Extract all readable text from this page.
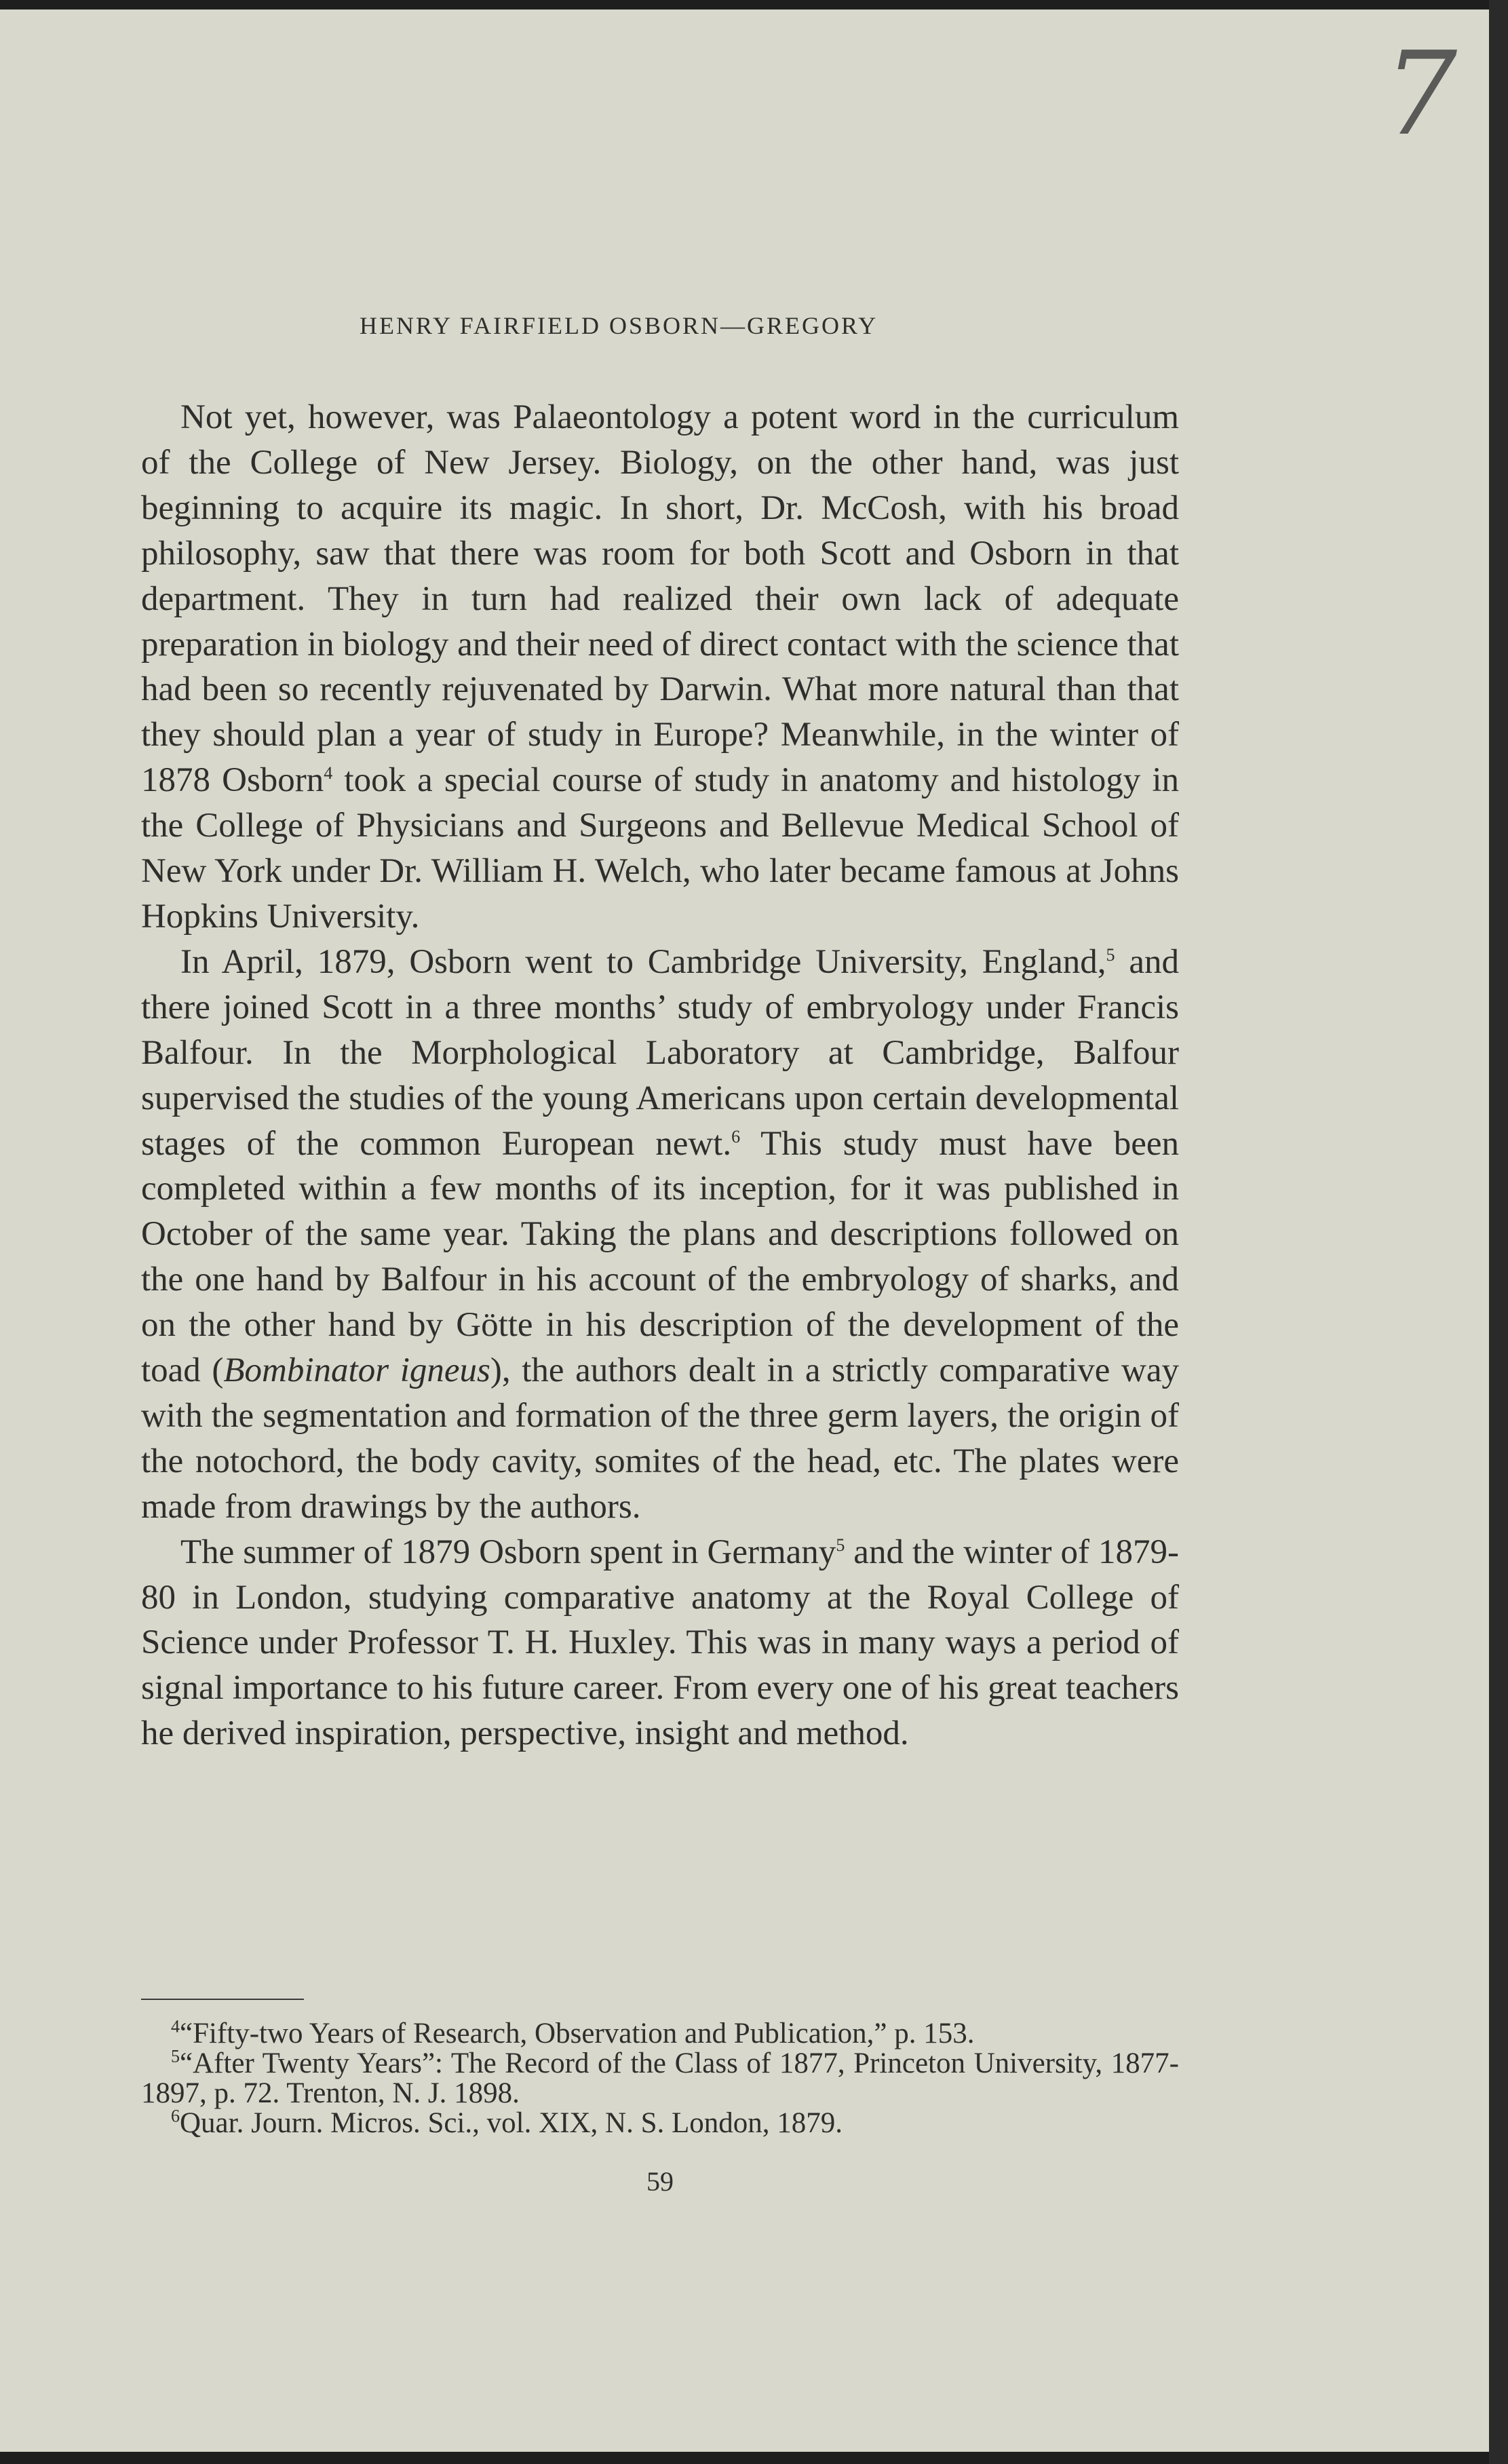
7
HENRY FAIRFIELD OSBORN—GREGORY

Not yet, however, was Palaeontology a potent word in the curriculum of the College of New Jersey. Biology, on the other hand, was just beginning to acquire its magic. In short, Dr. McCosh, with his broad philosophy, saw that there was room for both Scott and Osborn in that department. They in turn had realized their own lack of adequate preparation in biology and their need of direct contact with the science that had been so recently rejuvenated by Darwin. What more natural than that they should plan a year of study in Europe? Meanwhile, in the winter of 1878 Osborn$^4$ took a special course of study in anatomy and histology in the College of Physicians and Surgeons and Bellevue Medical School of New York under Dr. William H. Welch, who later became famous at Johns Hopkins University.

In April, 1879, Osborn went to Cambridge University, England,$^5$ and there joined Scott in a three months’ study of embryology under Francis Balfour. In the Morphological Laboratory at Cambridge, Balfour supervised the studies of the young Americans upon certain developmental stages of the common European newt.$^6$ This study must have been completed within a few months of its inception, for it was published in October of the same year. Taking the plans and descriptions followed on the one hand by Balfour in his account of the embryology of sharks, and on the other hand by Götte in his description of the development of the toad (Bombinator igneus), the authors dealt in a strictly comparative way with the segmentation and formation of the three germ layers, the origin of the notochord, the body cavity, somites of the head, etc. The plates were made from drawings by the authors.

The summer of 1879 Osborn spent in Germany$^5$ and the winter of 1879-80 in London, studying comparative anatomy at the Royal College of Science under Professor T. H. Huxley. This was in many ways a period of signal importance to his future career. From every one of his great teachers he derived inspiration, perspective, insight and method.

$^4$“Fifty-two Years of Research, Observation and Publication,” p. 153.

$^5$“After Twenty Years”: The Record of the Class of 1877, Princeton University, 1877-1897, p. 72. Trenton, N. J. 1898.

$^6$Quar. Journ. Micros. Sci., vol. XIX, N. S. London, 1879.

59
